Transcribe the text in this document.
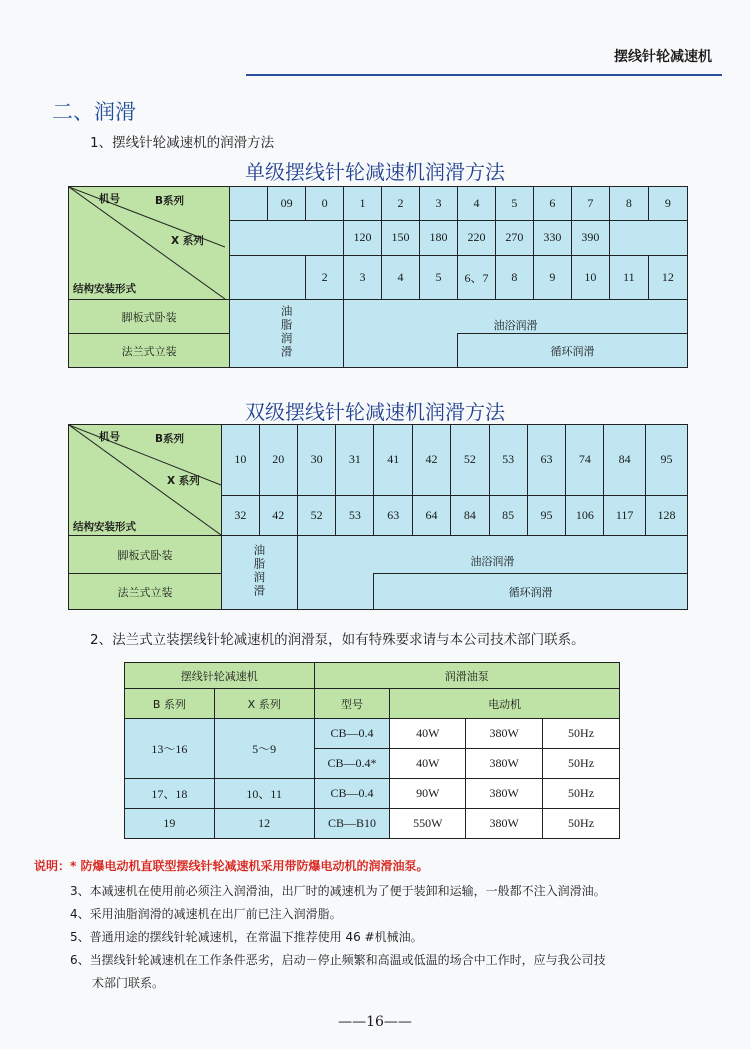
摆线针轮减速机
二、润滑
1、摆线针轮减速机的润滑方法
单级摆线针轮减速机润滑方法
机号 B系列
X 系列
结构安装形式		09	0	1	2	3	4	5	6	7	8	9
				120	150	180	220	270	330	390		
			2	3	4	5	6、7	8	9	10	11	12
脚板式卧装	油脂润滑			油浴润滑								
法兰式立装							循环润滑					
双级摆线针轮减速机润滑方法
机号 B系列
X 系列
结构安装形式	10	20	30	31	41	42	52	53	63	74	84	95

	32	42	52	53	63	64	84	85	95	106	117	128
脚板式卧装	油脂润滑		油浴润滑									
法兰式立装					循环润滑							
2、法兰式立装摆线针轮减速机的润滑泵，如有特殊要求请与本公司技术部门联系。
摆线针轮减速机		润滑油泵			
B 系列	X 系列	型号	电动机		
13～16	5～9	CB—0.4	40W	380W	50Hz
		CB—0.4*	40W	380W	50Hz
17、18	10、11	CB—0.4	90W	380W	50Hz
19	12	CB—B10	550W	380W	50Hz
说明：* 防爆电动机直联型摆线针轮减速机采用带防爆电动机的润滑油泵。
3、本减速机在使用前必须注入润滑油，出厂时的减速机为了便于装卸和运输，一般都不注入润滑油。
4、采用油脂润滑的减速机在出厂前已注入润滑脂。
5、普通用途的摆线针轮减速机，在常温下推荐使用 46 #机械油。
6、当摆线针轮减速机在工作条件恶劣，启动－停止频繁和高温或低温的场合中工作时，应与我公司技
术部门联系。
——16——
